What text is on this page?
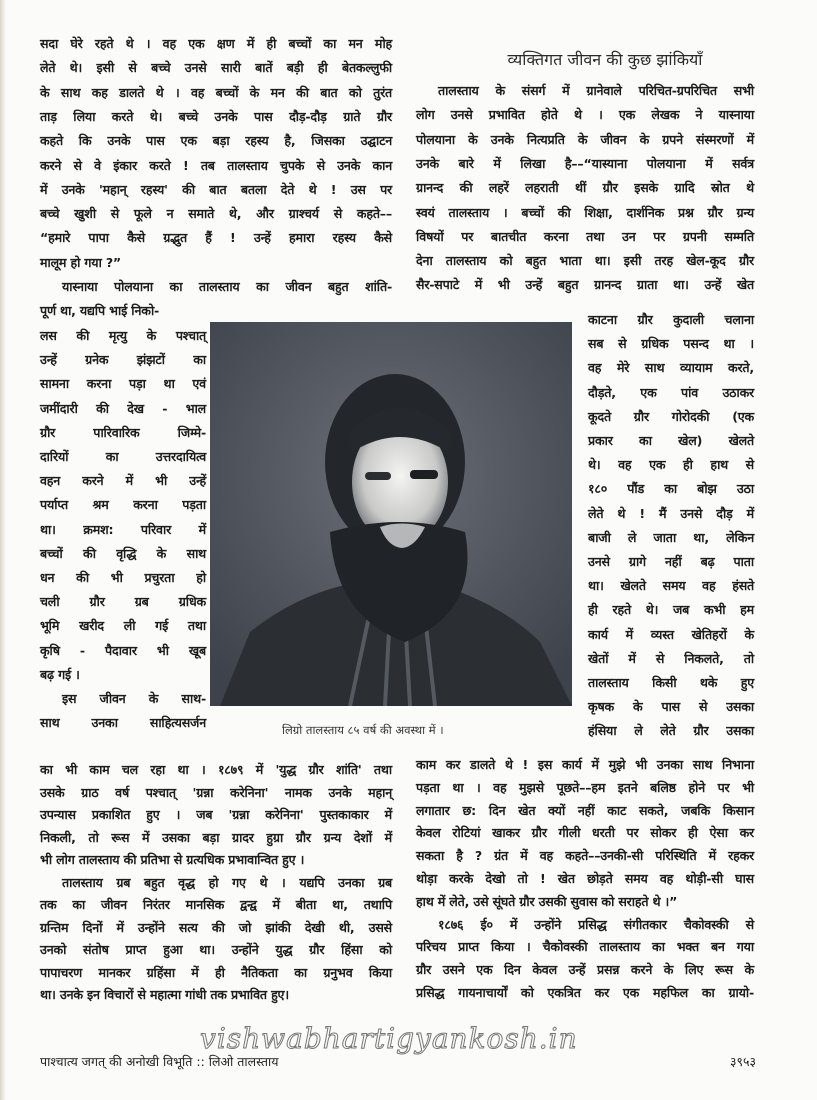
सदा घेरे रहते थे । वह एक क्षण में ही बच्चों का मन मोह
लेते थे। इसी से बच्चे उनसे सारी बातें बड़ी ही बेतकल्लुफी
के साथ कह डालते थे । वह बच्चों के मन की बात को तुरंत
ताड़ लिया करते थे। बच्चे उनके पास दौड़-दौड़ ग्राते ग्रौर
कहते कि उनके पास एक बड़ा रहस्य है, जिसका उद्घाटन
करने से वे इंकार करते ! तब तालस्ताय चुपके से उनके कान
में उनके 'महान् रहस्य' की बात बतला देते थे ! उस पर
बच्चे खुशी से फूले न समाते थे, और ग्राश्चर्य से कहते––
“हमारे पापा कैसे ग्रद्भुत हैं ! उन्हें हमारा रहस्य कैसे
मालूम हो गया ?”
यास्नाया पोलयाना का तालस्ताय का जीवन बहुत शांति-
पूर्ण था, यद्यपि भाई निको-
लस की मृत्यु के पश्चात्
उन्हें ग्रनेक झंझटों का
सामना करना पड़ा था एवं
जमींदारी की देख - भाल
ग्रौर पारिवारिक जिम्मे-
दारियों का उत्तरदायित्व
वहन करने में भी उन्हें
पर्याप्त श्रम करना पड़ता
था। क्रमश: परिवार में
बच्चों की वृद्धि के साथ
धन की भी प्रचुरता हो
चली ग्रौर ग्रब ग्रधिक
भूमि खरीद ली गई तथा
कृषि - पैदावार भी खूब
बढ़ गई ।
इस जीवन के साथ-
साथ उनका साहित्यसर्जन
का भी काम चल रहा था । १८७९ में 'युद्ध ग्रौर शांति' तथा
उसके ग्राठ वर्ष पश्चात् 'ग्रन्ना करेनिना' नामक उनके महान्
उपन्यास प्रकाशित हुए । जब 'ग्रन्ना करेनिना' पुस्तकाकार में
निकली, तो रूस में उसका बड़ा ग्रादर हुग्रा ग्रौर ग्रन्य देशों में
भी लोग तालस्ताय की प्रतिभा से ग्रत्यधिक प्रभावान्वित हुए ।
तालस्ताय ग्रब बहुत वृद्ध हो गए थे । यद्यपि उनका ग्रब
तक का जीवन निरंतर मानसिक द्वन्द्व में बीता था, तथापि
ग्रन्तिम दिनों में उन्होंने सत्य की जो झांकी देखी थी, उससे
उनको संतोष प्राप्त हुआ था। उन्होंने युद्ध ग्रौर हिंसा को
पापाचरण मानकर ग्रहिंसा में ही नैतिकता का ग्रनुभव किया
था। उनके इन विचारों से महात्मा गांधी तक प्रभावित हुए।
व्यक्तिगत जीवन की कुछ झांकियाँ
तालस्ताय के संसर्ग में ग्रानेवाले परिचित-ग्रपरिचित सभी
लोग उनसे प्रभावित होते थे । एक लेखक ने यास्नाया
पोलयाना के उनके नित्यप्रति के जीवन के ग्रपने संस्मरणों में
उनके बारे में लिखा है––“यास्याना पोलयाना में सर्वत्र
ग्रानन्द की लहरें लहराती थीं ग्रौर इसके ग्रादि स्रोत थे
स्वयं तालस्ताय । बच्चों की शिक्षा, दार्शनिक प्रश्न ग्रौर ग्रन्य
विषयों पर बातचीत करना तथा उन पर ग्रपनी सम्मति
देना तालस्ताय को बहुत भाता था। इसी तरह खेल-कूद ग्रौर
सैर-सपाटे में भी उन्हें बहुत ग्रानन्द ग्राता था। उन्हें खेत
काटना ग्रौर कुदाली चलाना
सब से ग्रधिक पसन्द था ।
वह मेरे साथ व्यायाम करते,
दौड़ते, एक पांव उठाकर
कूदते ग्रौर गोरोदकी (एक
प्रकार का खेल) खेलते
थे। वह एक ही हाथ से
१८० पौंड का बोझ उठा
लेते थे ! मैं उनसे दौड़ में
बाजी ले जाता था, लेकिन
उनसे ग्रागे नहीं बढ़ पाता
था। खेलते समय वह हंसते
ही रहते थे। जब कभी हम
कार्य में व्यस्त खेतिहरों के
खेतों में से निकलते, तो
तालस्ताय किसी थके हुए
कृषक के पास से उसका
हंसिया ले लेते ग्रौर उसका
काम कर डालते थे ! इस कार्य में मुझे भी उनका साथ निभाना
पड़ता था । वह मुझसे पूछते––हम इतने बलिष्ठ होने पर भी
लगातार छ: दिन खेत क्यों नहीं काट सकते, जबकि किसान
केवल रोटियां खाकर ग्रौर गीली धरती पर सोकर ही ऐसा कर
सकता है ? ग्रंत में वह कहते––उनकी-सी परिस्थिति में रहकर
थोड़ा करके देखो तो ! खेत छोड़ते समय वह थोड़ी-सी घास
हाथ में लेते, उसे सूंघते ग्रौर उसकी सुवास को सराहते थे ।”
१८७६ ई० में उन्होंने प्रसिद्ध संगीतकार चैकोवस्की से
परिचय प्राप्त किया । चैकोवस्की तालस्ताय का भक्त बन गया
ग्रौर उसने एक दिन केवल उन्हें प्रसन्न करने के लिए रूस के
प्रसिद्ध गायनाचार्यों को एकत्रित कर एक महफिल का ग्रायो-
लिग्रो तालस्ताय ८५ वर्ष की अवस्था में ।
vishwabhartigyankosh.in
पाश्चात्य जगत् की अनोखी विभूति :: लिओ तालस्ताय	३९५३
